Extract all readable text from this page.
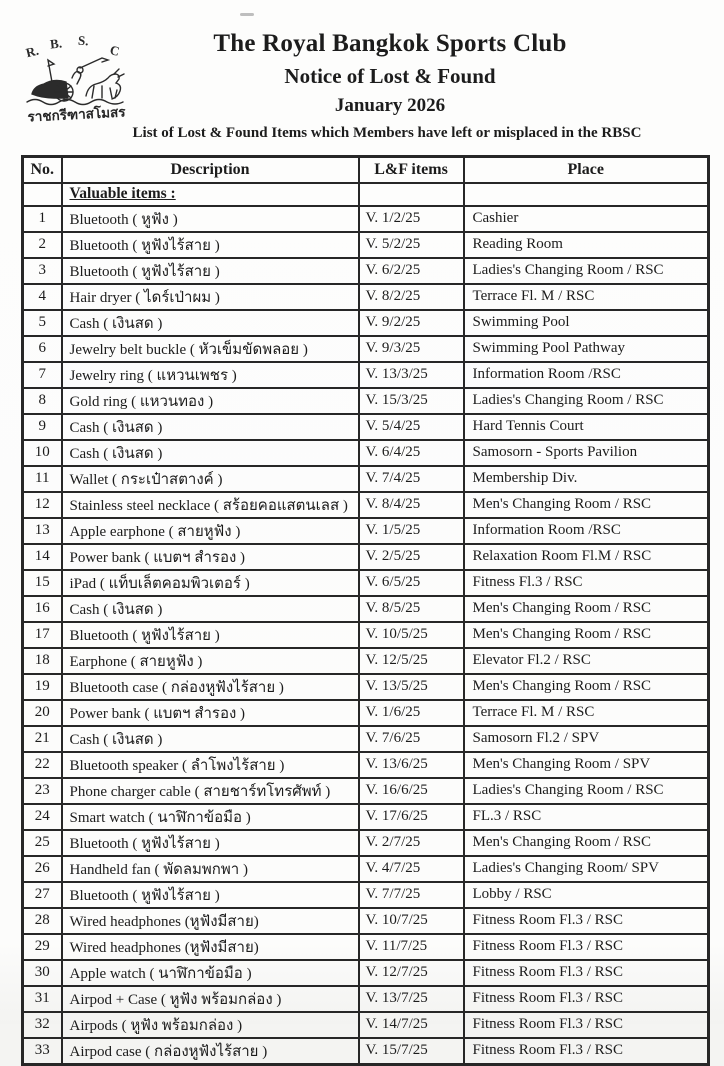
R. B. S.
C
ราชกรีฑาสโมสร
The Royal Bangkok Sports Club
Notice of Lost & Found
January 2026
List of Lost & Found Items which Members have left or misplaced in the RBSC
No.	Description	L&F items	Place
	Valuable items :		
1	Bluetooth ( หูฟัง )	V. 1/2/25	Cashier
2	Bluetooth ( หูฟังไร้สาย )	V. 5/2/25	Reading Room
3	Bluetooth ( หูฟังไร้สาย )	V. 6/2/25	Ladies's Changing Room / RSC
4	Hair dryer ( ไดร์เป่าผม )	V. 8/2/25	Terrace Fl. M / RSC
5	Cash ( เงินสด )	V. 9/2/25	Swimming Pool
6	Jewelry belt buckle ( หัวเข็มขัดพลอย )	V. 9/3/25	Swimming Pool Pathway
7	Jewelry ring ( แหวนเพชร )	V. 13/3/25	Information Room /RSC
8	Gold ring ( แหวนทอง )	V. 15/3/25	Ladies's Changing Room / RSC
9	Cash ( เงินสด )	V. 5/4/25	Hard Tennis Court
10	Cash ( เงินสด )	V. 6/4/25	Samosorn - Sports Pavilion
11	Wallet ( กระเป๋าสตางค์ )	V. 7/4/25	Membership Div.
12	Stainless steel necklace ( สร้อยคอแสตนเลส )	V. 8/4/25	Men's Changing Room / RSC
13	Apple earphone ( สายหูฟัง )	V. 1/5/25	Information Room /RSC
14	Power bank ( แบตฯ สำรอง )	V. 2/5/25	Relaxation Room Fl.M / RSC
15	iPad ( แท็บเล็ตคอมพิวเตอร์ )	V. 6/5/25	Fitness Fl.3 / RSC
16	Cash ( เงินสด )	V. 8/5/25	Men's Changing Room / RSC
17	Bluetooth ( หูฟังไร้สาย )	V. 10/5/25	Men's Changing Room / RSC
18	Earphone ( สายหูฟัง )	V. 12/5/25	Elevator Fl.2 / RSC
19	Bluetooth case ( กล่องหูฟังไร้สาย )	V. 13/5/25	Men's Changing Room / RSC
20	Power bank ( แบตฯ สำรอง )	V. 1/6/25	Terrace Fl. M / RSC
21	Cash ( เงินสด )	V. 7/6/25	Samosorn Fl.2 / SPV
22	Bluetooth speaker ( ลำโพงไร้สาย )	V. 13/6/25	Men's Changing Room / SPV
23	Phone charger cable ( สายชาร์ทโทรศัพท์ )	V. 16/6/25	Ladies's Changing Room / RSC
24	Smart watch ( นาฬิกาข้อมือ )	V. 17/6/25	FL.3 / RSC
25	Bluetooth ( หูฟังไร้สาย )	V. 2/7/25	Men's Changing Room / RSC
26	Handheld fan ( พัดลมพกพา )	V. 4/7/25	Ladies's Changing Room/ SPV
27	Bluetooth ( หูฟังไร้สาย )	V. 7/7/25	Lobby / RSC
28	Wired headphones (หูฟังมีสาย)	V. 10/7/25	Fitness Room Fl.3 / RSC
29	Wired headphones (หูฟังมีสาย)	V. 11/7/25	Fitness Room Fl.3 / RSC
30	Apple watch ( นาฬิกาข้อมือ )	V. 12/7/25	Fitness Room Fl.3 / RSC
31	Airpod + Case ( หูฟัง พร้อมกล่อง )	V. 13/7/25	Fitness Room Fl.3 / RSC
32	Airpods ( หูฟัง พร้อมกล่อง )	V. 14/7/25	Fitness Room Fl.3 / RSC
33	Airpod case ( กล่องหูฟังไร้สาย )	V. 15/7/25	Fitness Room Fl.3 / RSC
